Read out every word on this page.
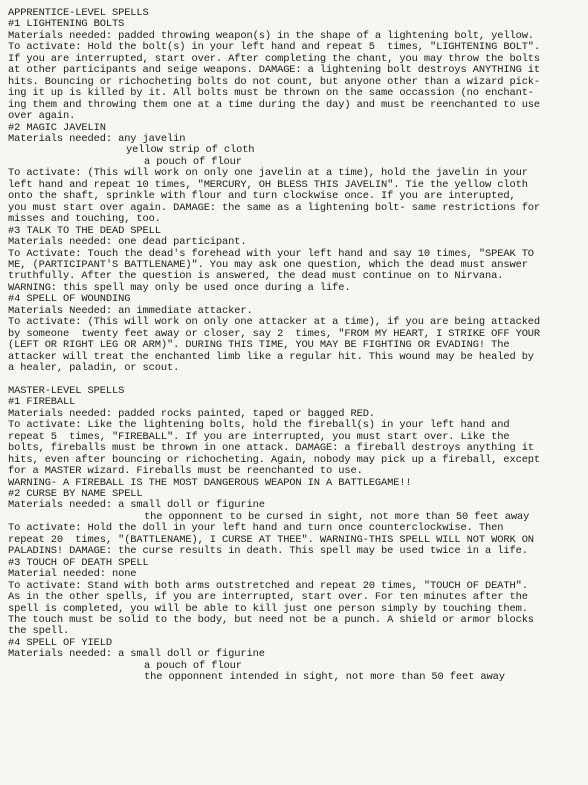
APPRENTICE-LEVEL SPELLS
#1 LIGHTENING BOLTS
Materials needed: padded throwing weapon(s) in the shape of a lightening bolt, yellow.
To activate: Hold the bolt(s) in your left hand and repeat 5  times, "LIGHTENING BOLT".
If you are interrupted, start over. After completing the chant, you may throw the bolts
at other participants and seige weapons. DAMAGE: a lightening bolt destroys ANYTHING it
hits. Bouncing or richocheting bolts do not count, but anyone other than a wizard pick-
ing it up is killed by it. All bolts must be thrown on the same occassion (no enchant-
ing them and throwing them one at a time during the day) and must be reenchanted to use
over again.
#2 MAGIC JAVELIN
Materials needed: any javelin
yellow strip of cloth
a pouch of flour
To activate: (This will work on only one javelin at a time), hold the javelin in your
left hand and repeat 10 times, "MERCURY, OH BLESS THIS JAVELIN". Tie the yellow cloth
onto the shaft, sprinkle with flour and turn clockwise once. If you are interupted,
you must start over again. DAMAGE: the same as a lightening bolt- same restrictions for
misses and touching, too.
#3 TALK TO THE DEAD SPELL
Materials needed: one dead participant.
To Activate: Touch the dead's forehead with your left hand and say 10 times, "SPEAK TO
ME, (PARTICIPANT'S BATTLENAME)". You may ask one question, which the dead must answer
truthfully. After the question is answered, the dead must continue on to Nirvana.
WARNING: this spell may only be used once during a life.
#4 SPELL OF WOUNDING
Materials Needed: an immediate attacker.
To activate: (This will work on only one attacker at a time), if you are being attacked
by someone  twenty feet away or closer, say 2  times, "FROM MY HEART, I STRIKE OFF YOUR
(LEFT OR RIGHT LEG OR ARM)". DURING THIS TIME, YOU MAY BE FIGHTING OR EVADING! The
attacker will treat the enchanted limb like a regular hit. This wound may be healed by
a healer, paladin, or scout.
MASTER-LEVEL SPELLS
#1 FIREBALL
Materials needed: padded rocks painted, taped or bagged RED.
To activate: Like the lightening bolts, hold the fireball(s) in your left hand and
repeat 5  times, "FIREBALL". If you are interrupted, you must start over. Like the
bolts, fireballs must be thrown in one attack. DAMAGE: a fireball destroys anything it
hits, even after bouncing or richocheting. Again, nobody may pick up a fireball, except
for a MASTER wizard. Fireballs must be reenchanted to use.
WARNING- A FIREBALL IS THE MOST DANGEROUS WEAPON IN A BATTLEGAME!!
#2 CURSE BY NAME SPELL
Materials needed: a small doll or figurine
the opponnent to be cursed in sight, not more than 50 feet away
To activate: Hold the doll in your left hand and turn once counterclockwise. Then
repeat 20  times, "(BATTLENAME), I CURSE AT THEE". WARNING-THIS SPELL WILL NOT WORK ON
PALADINS! DAMAGE: the curse results in death. This spell may be used twice in a life.
#3 TOUCH OF DEATH SPELL
Material needed: none
To activate: Stand with both arms outstretched and repeat 20 times, "TOUCH OF DEATH".
As in the other spells, if you are interrupted, start over. For ten minutes after the
spell is completed, you will be able to kill just one person simply by touching them.
The touch must be solid to the body, but need not be a punch. A shield or armor blocks
the spell.
#4 SPELL OF YIELD
Materials needed: a small doll or figurine
a pouch of flour
the opponnent intended in sight, not more than 50 feet away
